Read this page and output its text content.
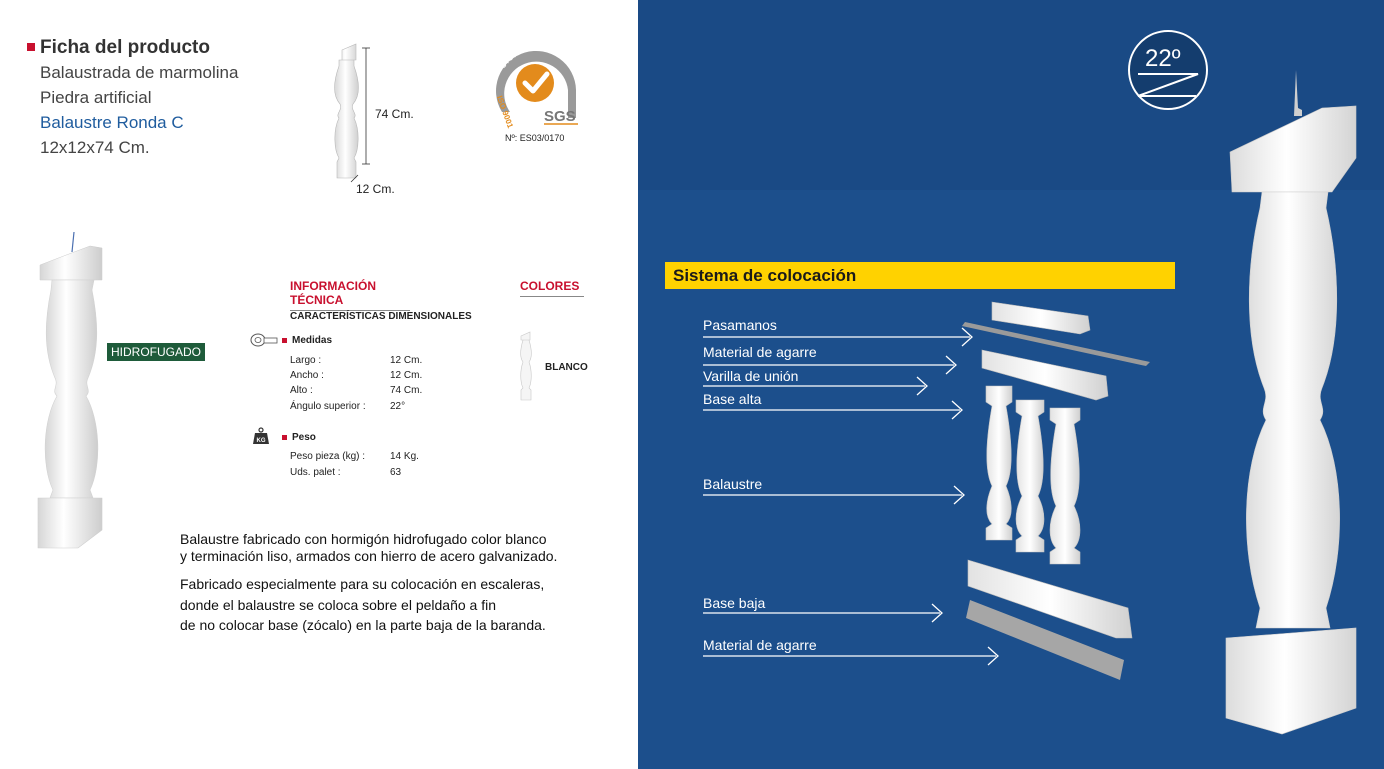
Ficha del producto
Balaustrada de marmolina
Piedra artificial
Balaustre Ronda C
12x12x74 Cm.
74 Cm.
12 Cm.
SYSTEM CERTIFICATION
ISO 9001 SGS
Nº: ES03/0170
HIDROFUGADO
INFORMACIÓN TÉCNICA
COLORES
CARACTERÍSTICAS DIMENSIONALES
Medidas
Largo :	12 Cm.
Ancho :	12 Cm.
Alto :	74 Cm.
Ángulo superior : 22°
KG	Peso
Peso pieza (kg) : 14 Kg.
Uds. palet :	63
BLANCO
Balaustre fabricado con hormigón hidrofugado color blanco
y terminación liso, armados con hierro de acero galvanizado.
Fabricado especialmente para su colocación en escaleras,
donde el balaustre se coloca sobre el peldaño a fin
de no colocar base (zócalo) en la parte baja de la baranda.
22º
Sistema de colocación
Pasamanos
Material de agarre
Varilla de unión
Base alta
Balaustre
Base baja
Material de agarre
